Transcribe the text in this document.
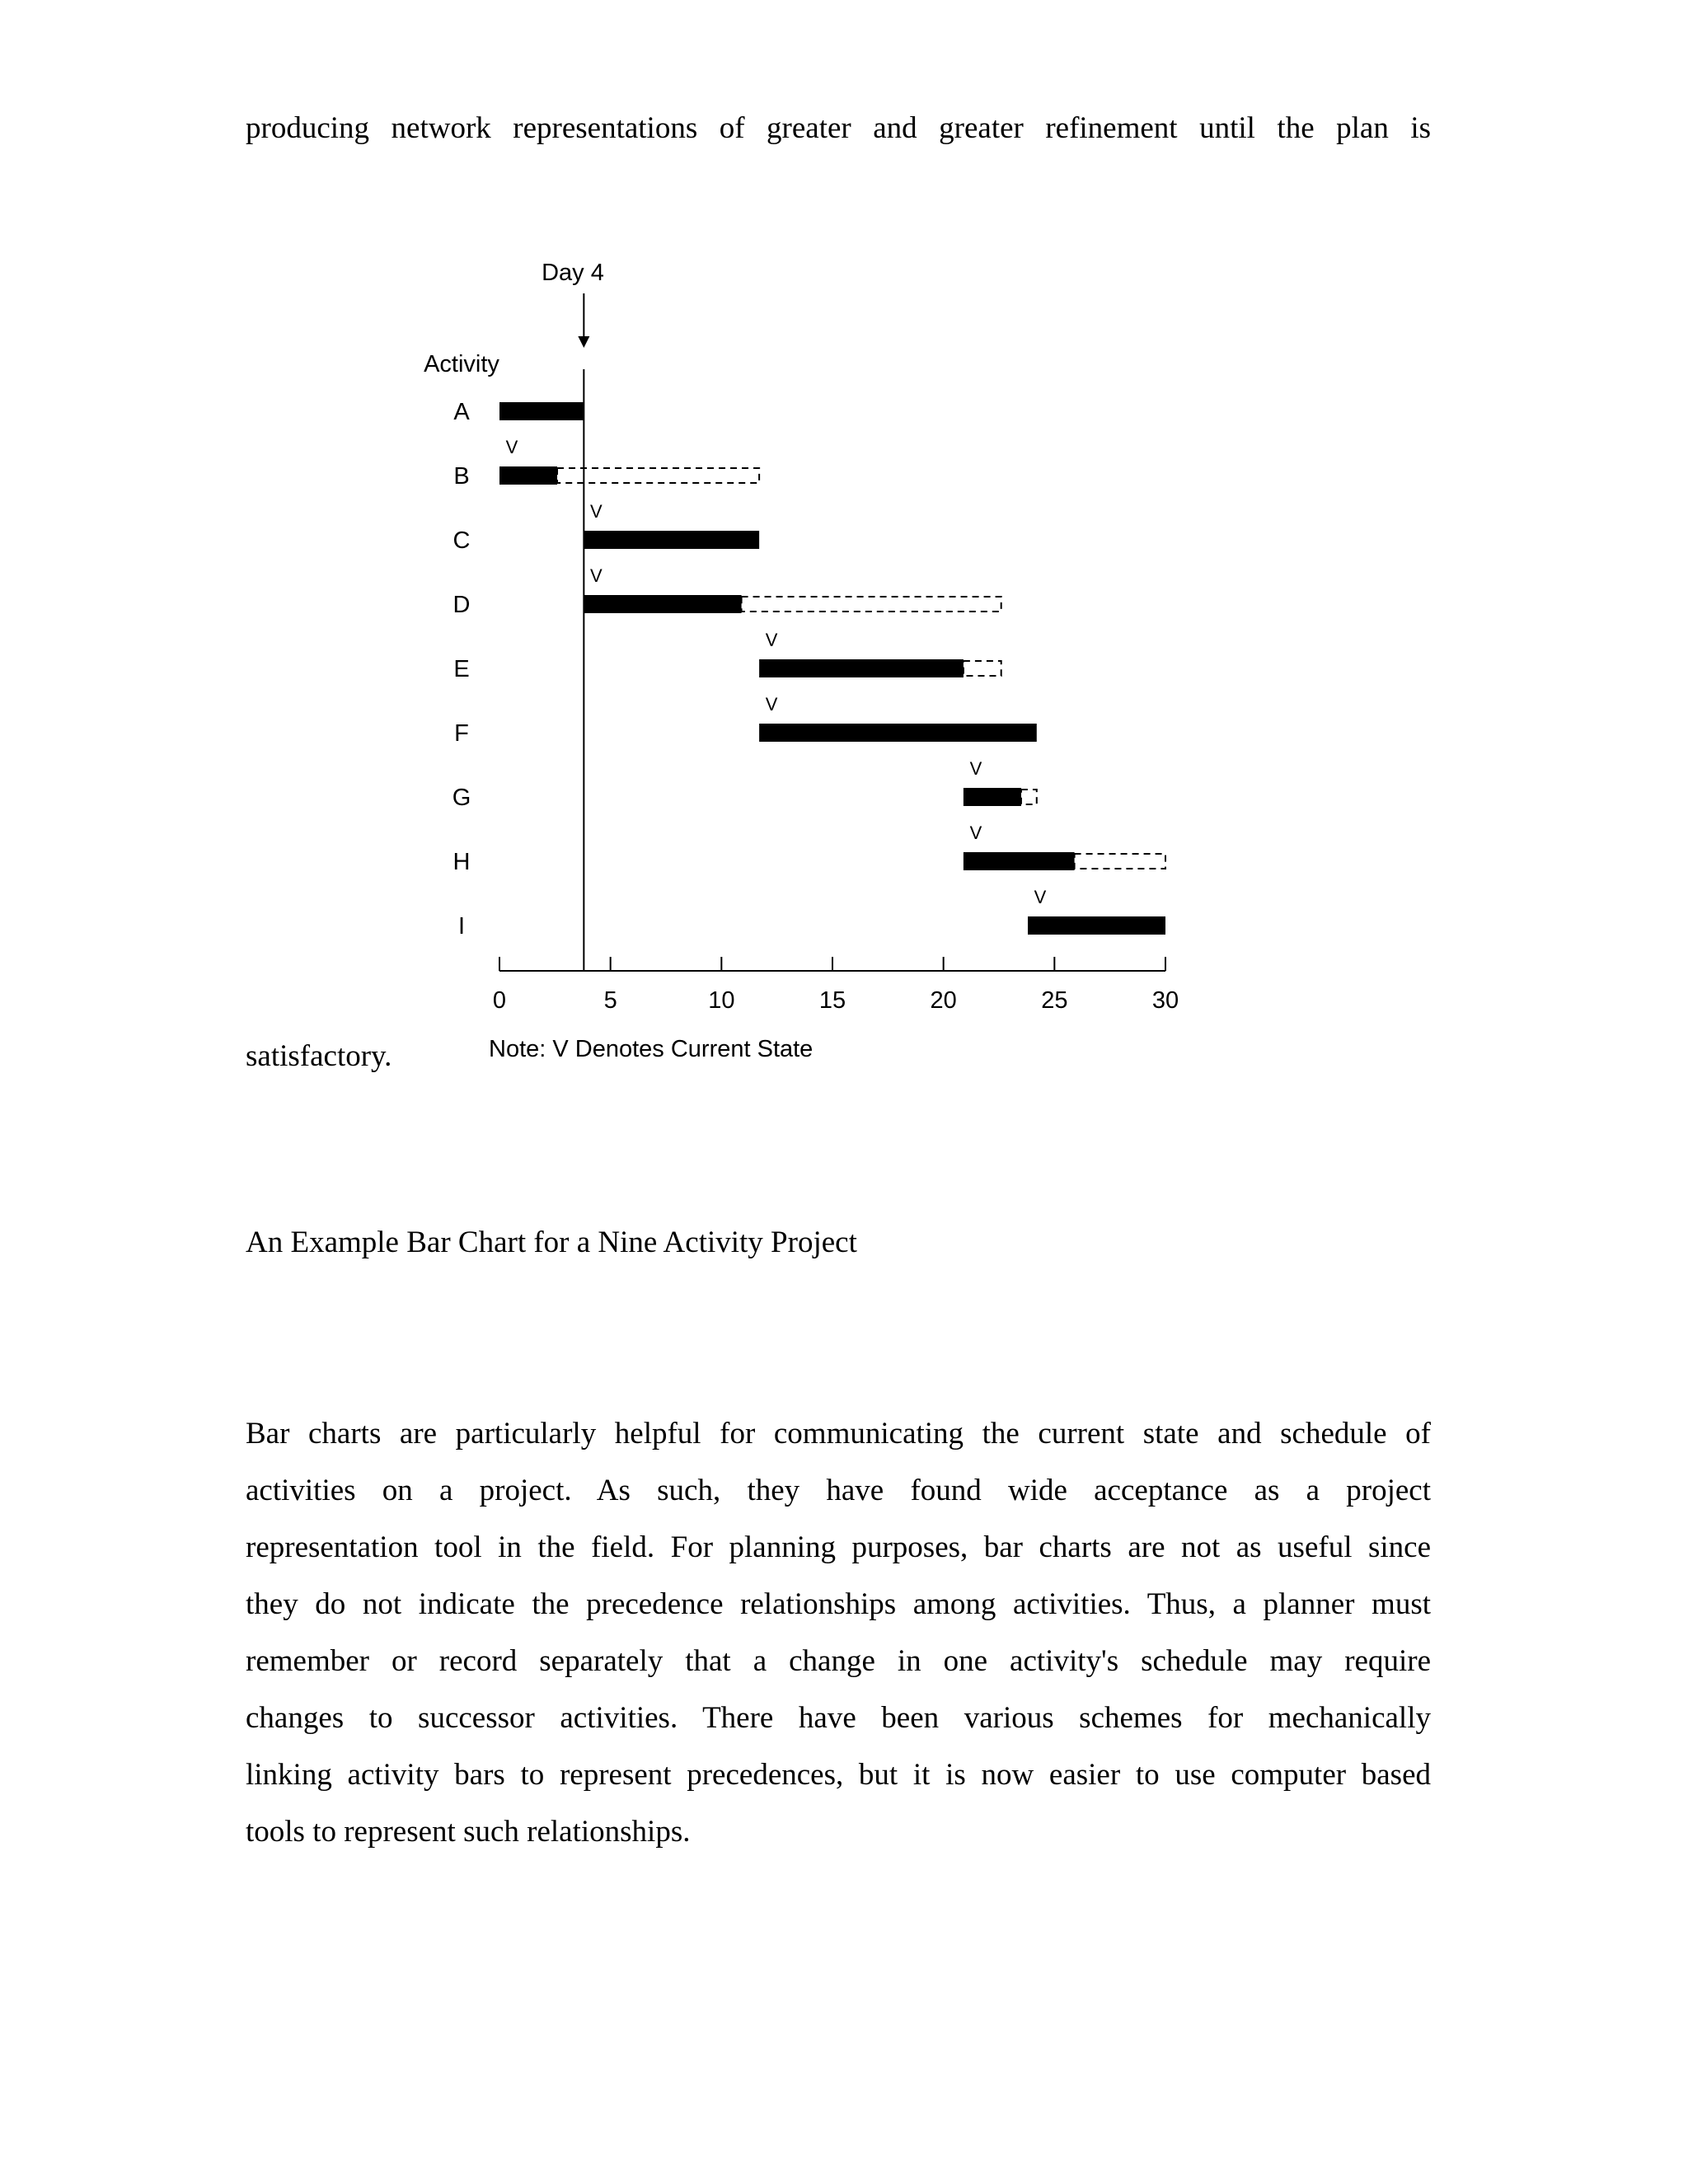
producing network representations of greater and greater refinement until the plan is
Day 4
Activity
A
B
V
C
V
D
V
E
V
F
V
G
V
H
V
I
V
0	5	10	15	20	25	30
Note: V Denotes Current State
satisfactory.
An Example Bar Chart for a Nine Activity Project
Bar charts are particularly helpful for communicating the current state and schedule of
activities on a project. As such, they have found wide acceptance as a project
representation tool in the field. For planning purposes, bar charts are not as useful since
they do not indicate the precedence relationships among activities. Thus, a planner must
remember or record separately that a change in one activity's schedule may require
changes to successor activities. There have been various schemes for mechanically
linking activity bars to represent precedences, but it is now easier to use computer based
tools to represent such relationships.
